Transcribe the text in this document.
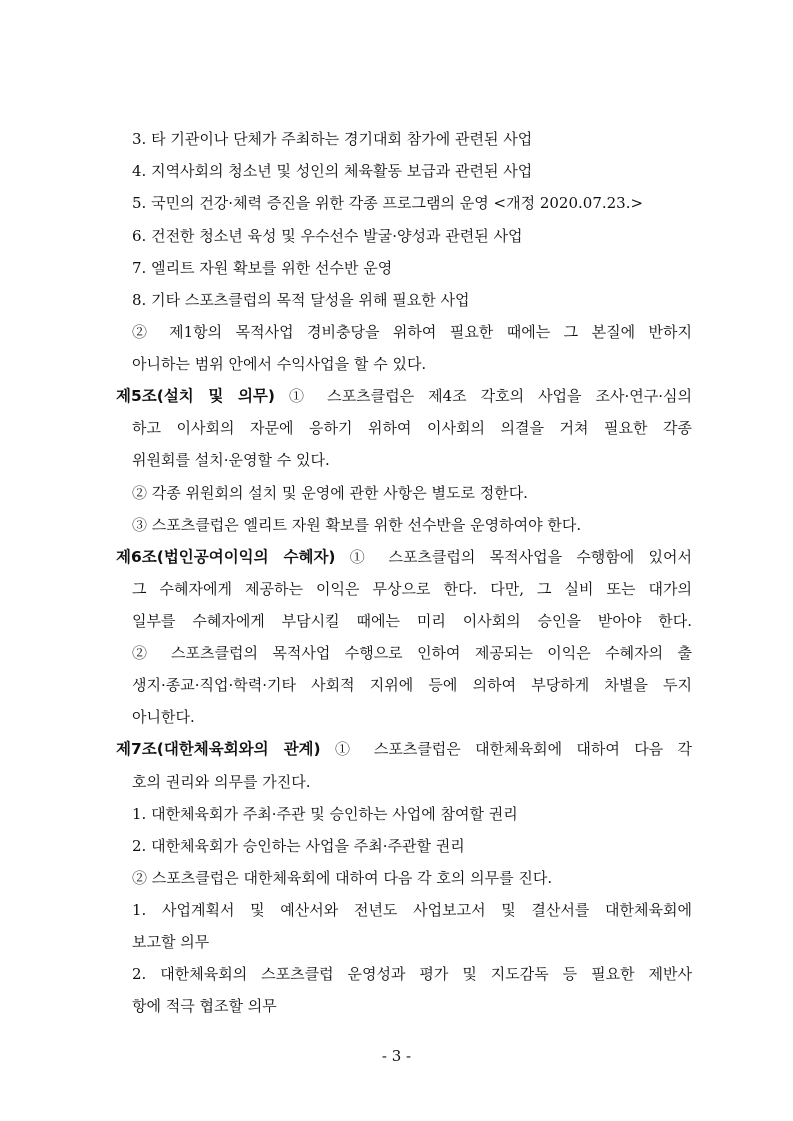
3. 타 기관이나 단체가 주최하는 경기대회 참가에 관련된 사업
4. 지역사회의 청소년 및 성인의 체육활동 보급과 관련된 사업
5. 국민의 건강·체력 증진을 위한 각종 프로그램의 운영 <개정 2020.07.23.>
6. 건전한 청소년 육성 및 우수선수 발굴·양성과 관련된 사업
7. 엘리트 자원 확보를 위한 선수반 운영
8. 기타 스포츠클럽의 목적 달성을 위해 필요한 사업
② 제1항의 목적사업 경비충당을 위하여 필요한 때에는 그 본질에 반하지
아니하는 범위 안에서 수익사업을 할 수 있다.
제5조(설치 및 의무) ① 스포츠클럽은 제4조 각호의 사업을 조사·연구·심의
하고 이사회의 자문에 응하기 위하여 이사회의 의결을 거쳐 필요한 각종
위원회를 설치·운영할 수 있다.
② 각종 위원회의 설치 및 운영에 관한 사항은 별도로 정한다.
③ 스포츠클럽은 엘리트 자원 확보를 위한 선수반을 운영하여야 한다.
제6조(법인공여이익의 수혜자) ① 스포츠클럽의 목적사업을 수행함에 있어서
그 수혜자에게 제공하는 이익은 무상으로 한다. 다만, 그 실비 또는 대가의
일부를 수혜자에게 부담시킬 때에는 미리 이사회의 승인을 받아야 한다.
② 스포츠클럽의 목적사업 수행으로 인하여 제공되는 이익은 수혜자의 출
생지·종교·직업·학력·기타 사회적 지위에 등에 의하여 부당하게 차별을 두지
아니한다.
제7조(대한체육회와의 관계) ① 스포츠클럽은 대한체육회에 대하여 다음 각
호의 권리와 의무를 가진다.
1. 대한체육회가 주최·주관 및 승인하는 사업에 참여할 권리
2. 대한체육회가 승인하는 사업을 주최·주관할 권리
② 스포츠클럽은 대한체육회에 대하여 다음 각 호의 의무를 진다.
1. 사업계획서 및 예산서와 전년도 사업보고서 및 결산서를 대한체육회에
보고할 의무
2. 대한체육회의 스포츠클럽 운영성과 평가 및 지도감독 등 필요한 제반사
항에 적극 협조할 의무
- 3 -
